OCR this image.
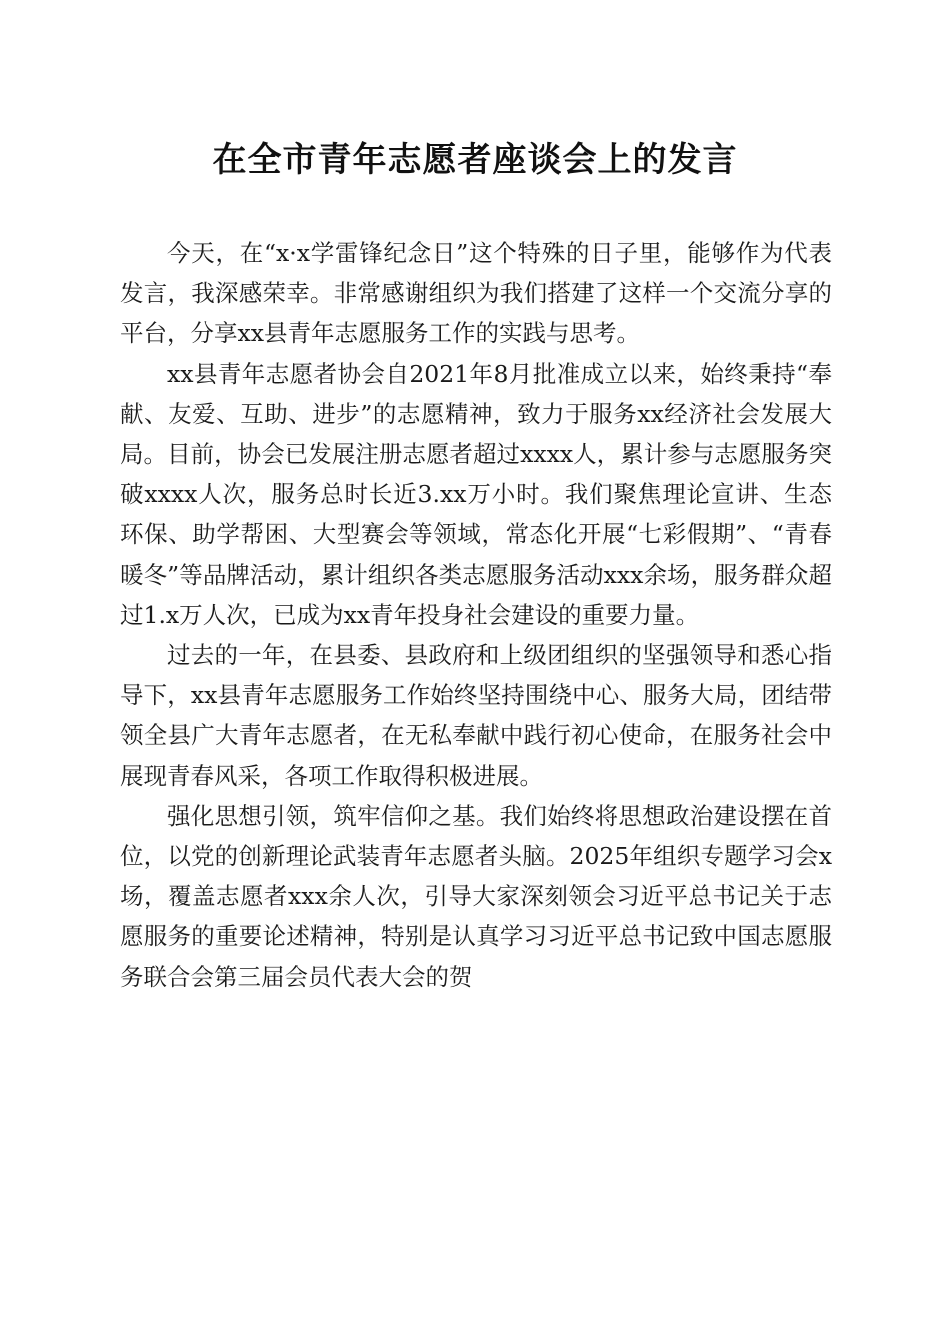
在全市青年志愿者座谈会上的发言

今天，在“x·x学雷锋纪念日”这个特殊的日子里，能够作为代表发言，我深感荣幸。非常感谢组织为我们搭建了这样一个交流分享的平台，分享xx县青年志愿服务工作的实践与思考。

xx县青年志愿者协会自2021年8月批准成立以来，始终秉持“奉献、友爱、互助、进步”的志愿精神，致力于服务xx经济社会发展大局。目前，协会已发展注册志愿者超过xxxx人，累计参与志愿服务突破xxxx人次，服务总时长近3.xx万小时。我们聚焦理论宣讲、生态环保、助学帮困、大型赛会等领域，常态化开展“七彩假期”、“青春暖冬”等品牌活动，累计组织各类志愿服务活动xxx余场，服务群众超过1.x万人次，已成为xx青年投身社会建设的重要力量。

过去的一年，在县委、县政府和上级团组织的坚强领导和悉心指导下，xx县青年志愿服务工作始终坚持围绕中心、服务大局，团结带领全县广大青年志愿者，在无私奉献中践行初心使命，在服务社会中展现青春风采，各项工作取得积极进展。

强化思想引领，筑牢信仰之基。我们始终将思想政治建设摆在首位，以党的创新理论武装青年志愿者头脑。2025年组织专题学习会x场，覆盖志愿者xxx余人次，引导大家深刻领会习近平总书记关于志愿服务的重要论述精神，特别是认真学习习近平总书记致中国志愿服务联合会第三届会员代表大会的贺
